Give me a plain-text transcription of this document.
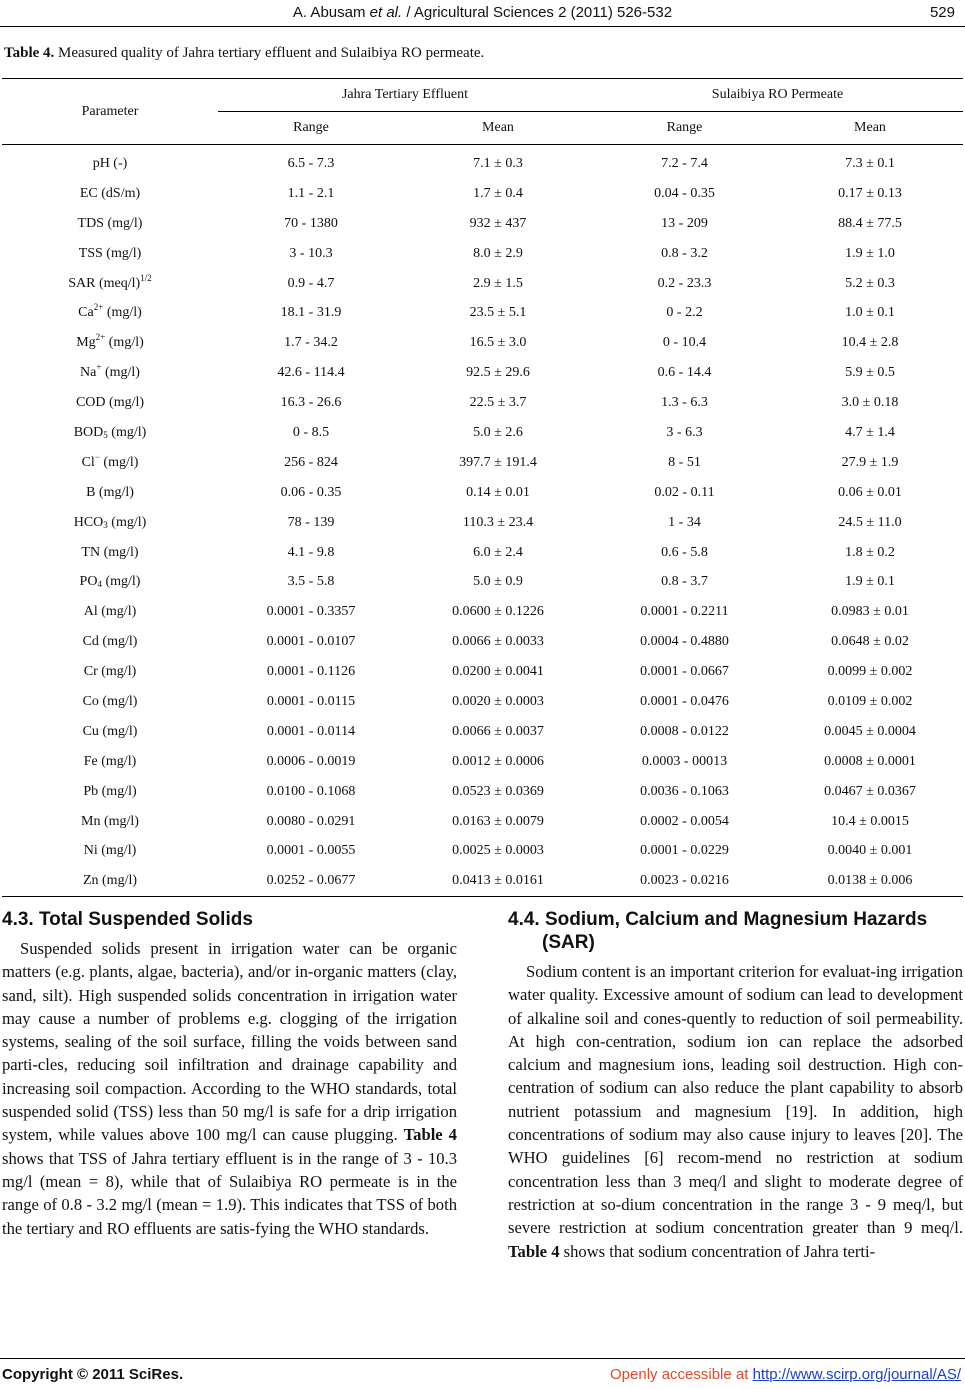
A. Abusam et al. / Agricultural Sciences 2 (2011) 526-532	529
Table 4. Measured quality of Jahra tertiary effluent and Sulaibiya RO permeate.
Parameter	Jahra Tertiary Effluent		Sulaibiya RO Permeate	
	Range	Mean	Range	Mean
pH (-)	6.5 - 7.3	7.1 ± 0.3	7.2 - 7.4	7.3 ± 0.1
EC (dS/m)	1.1 - 2.1	1.7 ± 0.4	0.04 - 0.35	0.17 ± 0.13
TDS (mg/l)	70 - 1380	932 ± 437	13 - 209	88.4 ± 77.5
TSS (mg/l)	3 - 10.3	8.0 ± 2.9	0.8 - 3.2	1.9 ± 1.0
SAR $(meq/l)^{1/2}$	0.9 - 4.7	2.9 ± 1.5	0.2 - 23.3	5.2 ± 0.3
$Ca^{2+}$ (mg/l)	18.1 - 31.9	23.5 ± 5.1	0 - 2.2	1.0 ± 0.1
$Mg^{2+}$ (mg/l)	1.7 - 34.2	16.5 ± 3.0	0 - 10.4	10.4 ± 2.8
Na+ (mg/l)	42.6 - 114.4	92.5 ± 29.6	0.6 - 14.4	5.9 ± 0.5
COD (mg/l)	16.3 - 26.6	22.5 ± 3.7	1.3 - 6.3	3.0 ± 0.18
$BOD_5$ (mg/l)	0 - 8.5	5.0 ± 2.6	3 - 6.3	4.7 ± 1.4
Cl− (mg/l)	256 - 824	397.7 ± 191.4	8 - 51	27.9 ± 1.9
B (mg/l)	0.06 - 0.35	0.14 ± 0.01	0.02 - 0.11	0.06 ± 0.01
$HCO_3$ (mg/l)	78 - 139	110.3 ± 23.4	1 - 34	24.5 ± 11.0
TN (mg/l)	4.1 - 9.8	6.0 ± 2.4	0.6 - 5.8	1.8 ± 0.2
$PO_4$ (mg/l)	3.5 - 5.8	5.0 ± 0.9	0.8 - 3.7	1.9 ± 0.1
Al (mg/l)	0.0001 - 0.3357	0.0600 ± 0.1226	0.0001 - 0.2211	0.0983 ± 0.01
Cd (mg/l)	0.0001 - 0.0107	0.0066 ± 0.0033	0.0004 - 0.4880	0.0648 ± 0.02
Cr (mg/l)	0.0001 - 0.1126	0.0200 ± 0.0041	0.0001 - 0.0667	0.0099 ± 0.002
Co (mg/l)	0.0001 - 0.0115	0.0020 ± 0.0003	0.0001 - 0.0476	0.0109 ± 0.002
Cu (mg/l)	0.0001 - 0.0114	0.0066 ± 0.0037	0.0008 - 0.0122	0.0045 ± 0.0004
Fe (mg/l)	0.0006 - 0.0019	0.0012 ± 0.0006	0.0003 - 00013	0.0008 ± 0.0001
Pb (mg/l)	0.0100 - 0.1068	0.0523 ± 0.0369	0.0036 - 0.1063	0.0467 ± 0.0367
Mn (mg/l)	0.0080 - 0.0291	0.0163 ± 0.0079	0.0002 - 0.0054	10.4 ± 0.0015
Ni (mg/l)	0.0001 - 0.0055	0.0025 ± 0.0003	0.0001 - 0.0229	0.0040 ± 0.001
Zn (mg/l)	0.0252 - 0.0677	0.0413 ± 0.0161	0.0023 - 0.0216	0.0138 ± 0.006
4.3. Total Suspended Solids
Suspended solids present in irrigation water can be organic matters (e.g. plants, algae, bacteria), and/or in-organic matters (clay, sand, silt). High suspended solids concentration in irrigation water may cause a number of problems e.g. clogging of the irrigation systems, sealing of the soil surface, filling the voids between sand parti-cles, reducing soil infiltration and drainage capability and increasing soil compaction. According to the WHO standards, total suspended solid (TSS) less than 50 mg/l is safe for a drip irrigation system, while values above 100 mg/l can cause plugging. Table 4 shows that TSS of Jahra tertiary effluent is in the range of 3 - 10.3 mg/l (mean = 8), while that of Sulaibiya RO permeate is in the range of 0.8 - 3.2 mg/l (mean = 1.9). This indicates that TSS of both the tertiary and RO effluents are satis-fying the WHO standards.
4.4. Sodium, Calcium and Magnesium Hazards (SAR)
Sodium content is an important criterion for evaluat-ing irrigation water quality. Excessive amount of sodium can lead to development of alkaline soil and cones-quently to reduction of soil permeability. At high con-centration, sodium ion can replace the adsorbed calcium and magnesium ions, leading soil destruction. High con-centration of sodium can also reduce the plant capability to absorb nutrient potassium and magnesium [19]. In addition, high concentrations of sodium may also cause injury to leaves [20]. The WHO guidelines [6] recom-mend no restriction at sodium concentration less than 3 meq/l and slight to moderate degree of restriction at so-dium concentration in the range 3 - 9 meq/l, but severe restriction at sodium concentration greater than 9 meq/l. Table 4 shows that sodium concentration of Jahra terti-
Copyright © 2011 SciRes.	Openly accessible at http://www.scirp.org/journal/AS/
